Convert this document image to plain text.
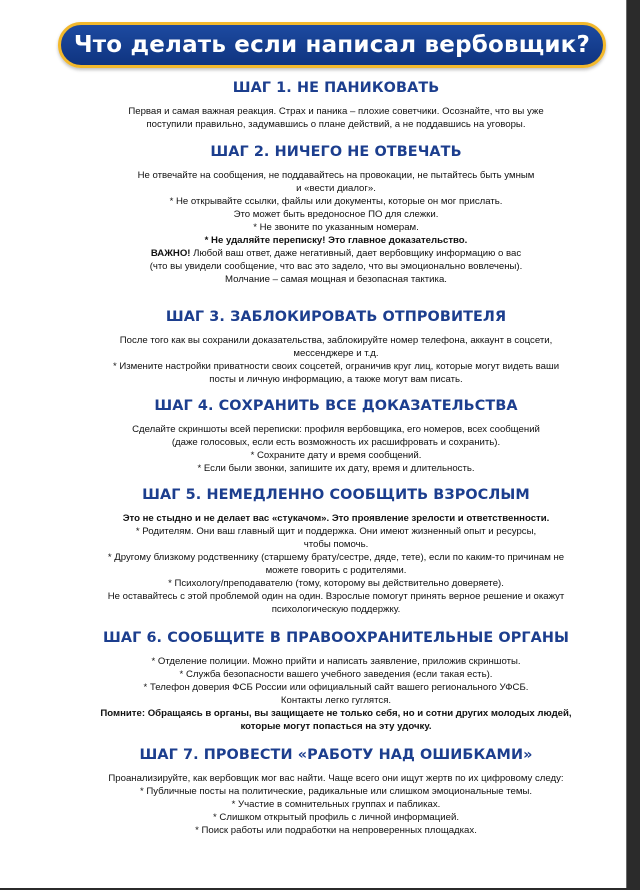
Что делать если написал вербовщик?
ШАГ 1. НЕ ПАНИКОВАТЬ
Первая и самая важная реакция. Страх и паника – плохие советчики. Осознайте, что вы уже
поступили правильно, задумавшись о плане действий, а не поддавшись на уговоры.
ШАГ 2. НИЧЕГО НЕ ОТВЕЧАТЬ
Не отвечайте на сообщения, не поддавайтесь на провокации, не пытайтесь быть умным
и «вести диалог».
* Не открывайте ссылки, файлы или документы, которые он мог прислать.
Это может быть вредоносное ПО для слежки.
* Не звоните по указанным номерам.
* Не удаляйте переписку! Это главное доказательство.
ВАЖНО! Любой ваш ответ, даже негативный, дает вербовщику информацию о вас
(что вы увидели сообщение, что вас это задело, что вы эмоционально вовлечены).
Молчание – самая мощная и безопасная тактика.
ШАГ 3. ЗАБЛОКИРОВАТЬ ОТПРОВИТЕЛЯ
После того как вы сохранили доказательства, заблокируйте номер телефона, аккаунт в соцсети,
мессенджере и т.д.
* Измените настройки приватности своих соцсетей, ограничив круг лиц, которые могут видеть ваши
посты и личную информацию, а также могут вам писать.
ШАГ 4. СОХРАНИТЬ ВСЕ ДОКАЗАТЕЛЬСТВА
Сделайте скриншоты всей переписки: профиля вербовщика, его номеров, всех сообщений
(даже голосовых, если есть возможность их расшифровать и сохранить).
* Сохраните дату и время сообщений.
* Если были звонки, запишите их дату, время и длительность.
ШАГ 5. НЕМЕДЛЕННО СООБЩИТЬ ВЗРОСЛЫМ
Это не стыдно и не делает вас «стукачом». Это проявление зрелости и ответственности.
* Родителям. Они ваш главный щит и поддержка. Они имеют жизненный опыт и ресурсы,
чтобы помочь.
* Другому близкому родственнику (старшему брату/сестре, дяде, тете), если по каким-то причинам не
можете говорить с родителями.
* Психологу/преподавателю (тому, которому вы действительно доверяете).
Не оставайтесь с этой проблемой один на один. Взрослые помогут принять верное решение и окажут
психологическую поддержку.
ШАГ 6. СООБЩИТЕ В ПРАВООХРАНИТЕЛЬНЫЕ ОРГАНЫ
* Отделение полиции. Можно прийти и написать заявление, приложив скриншоты.
* Служба безопасности вашего учебного заведения (если такая есть).
* Телефон доверия ФСБ России или официальный сайт вашего регионального УФСБ.
Контакты легко гуглятся.
Помните: Обращаясь в органы, вы защищаете не только себя, но и сотни других молодых людей,
которые могут попасться на эту удочку.
ШАГ 7. ПРОВЕСТИ «РАБОТУ НАД ОШИБКАМИ»
Проанализируйте, как вербовщик мог вас найти. Чаще всего они ищут жертв по их цифровому следу:
* Публичные посты на политические, радикальные или слишком эмоциональные темы.
* Участие в сомнительных группах и пабликах.
* Слишком открытый профиль с личной информацией.
* Поиск работы или подработки на непроверенных площадках.
